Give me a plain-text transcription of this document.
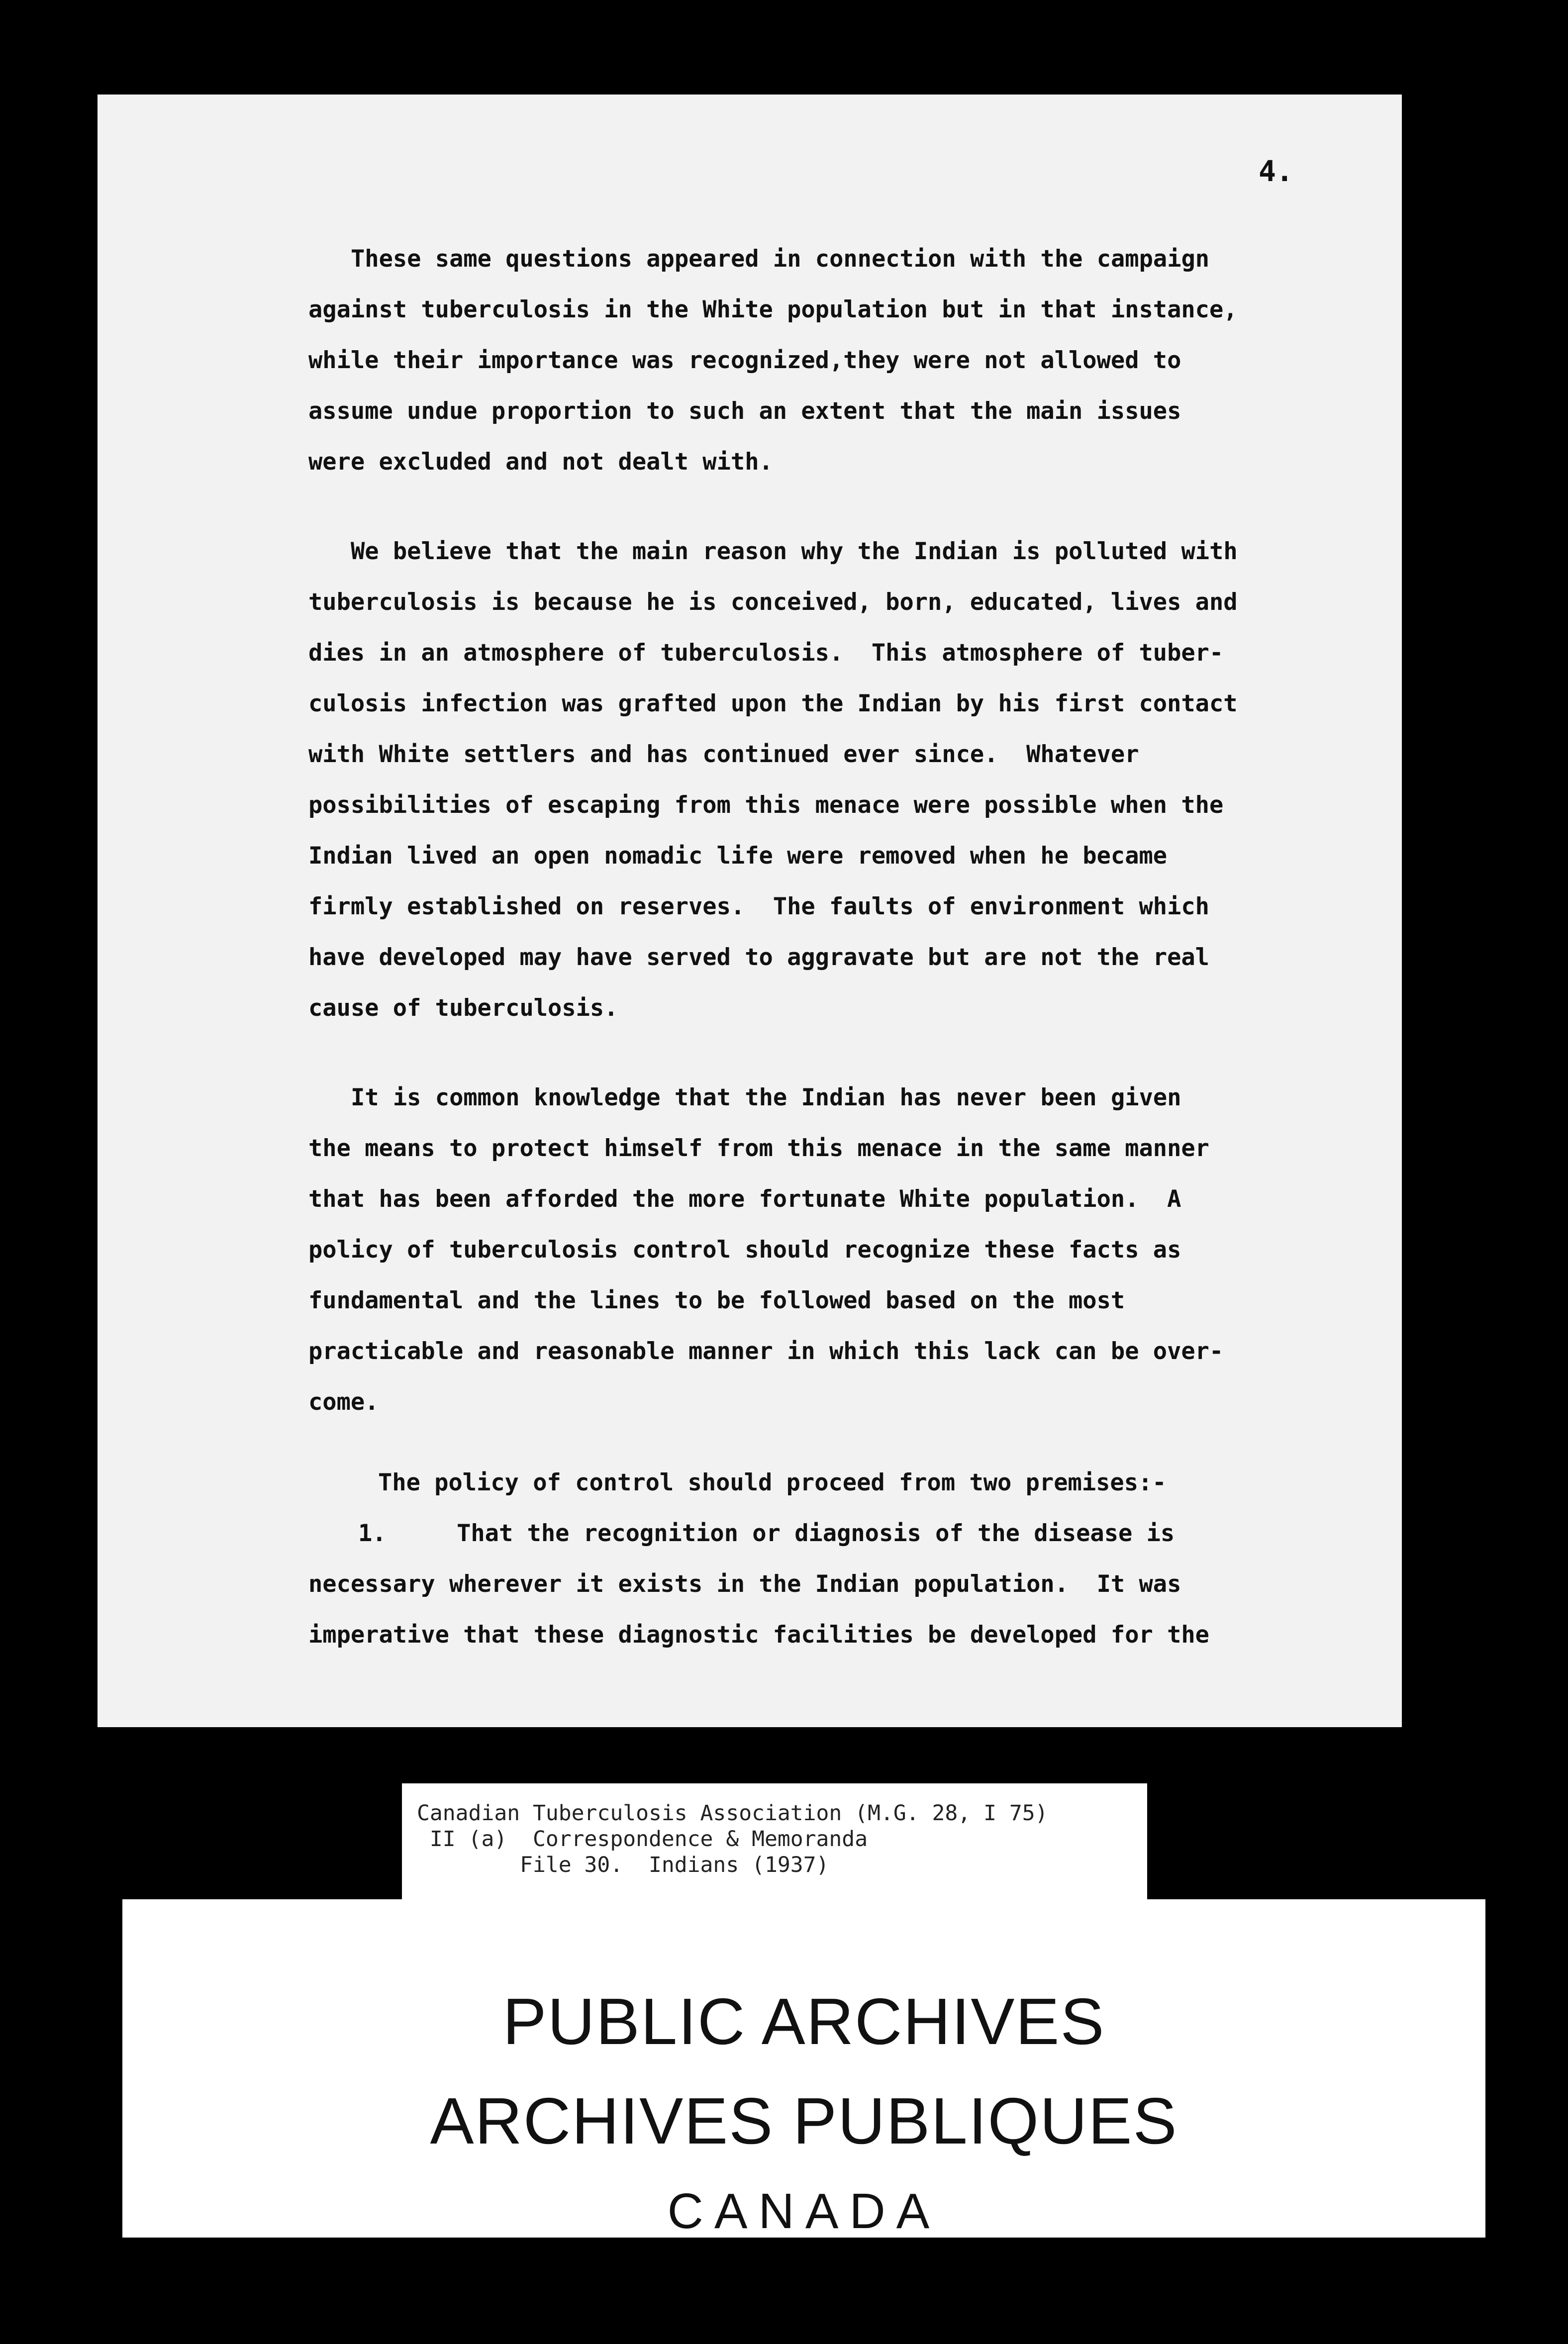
4.
These same questions appeared in connection with the campaign
against tuberculosis in the White population but in that instance,
while their importance was recognized,they were not allowed to
assume undue proportion to such an extent that the main issues
were excluded and not dealt with.
We believe that the main reason why the Indian is polluted with
tuberculosis is because he is conceived, born, educated, lives and
dies in an atmosphere of tuberculosis.  This atmosphere of tuber-
culosis infection was grafted upon the Indian by his first contact
with White settlers and has continued ever since.  Whatever
possibilities of escaping from this menace were possible when the
Indian lived an open nomadic life were removed when he became
firmly established on reserves.  The faults of environment which
have developed may have served to aggravate but are not the real
cause of tuberculosis.
It is common knowledge that the Indian has never been given
the means to protect himself from this menace in the same manner
that has been afforded the more fortunate White population.  A
policy of tuberculosis control should recognize these facts as
fundamental and the lines to be followed based on the most
practicable and reasonable manner in which this lack can be over-
come.
The policy of control should proceed from two premises:-
1.     That the recognition or diagnosis of the disease is
necessary wherever it exists in the Indian population.  It was
imperative that these diagnostic facilities be developed for the
Canadian Tuberculosis Association (M.G. 28, I 75)
II (a)  Correspondence & Memoranda
File 30.  Indians (1937)
PUBLIC ARCHIVES
ARCHIVES PUBLIQUES
CANADA
